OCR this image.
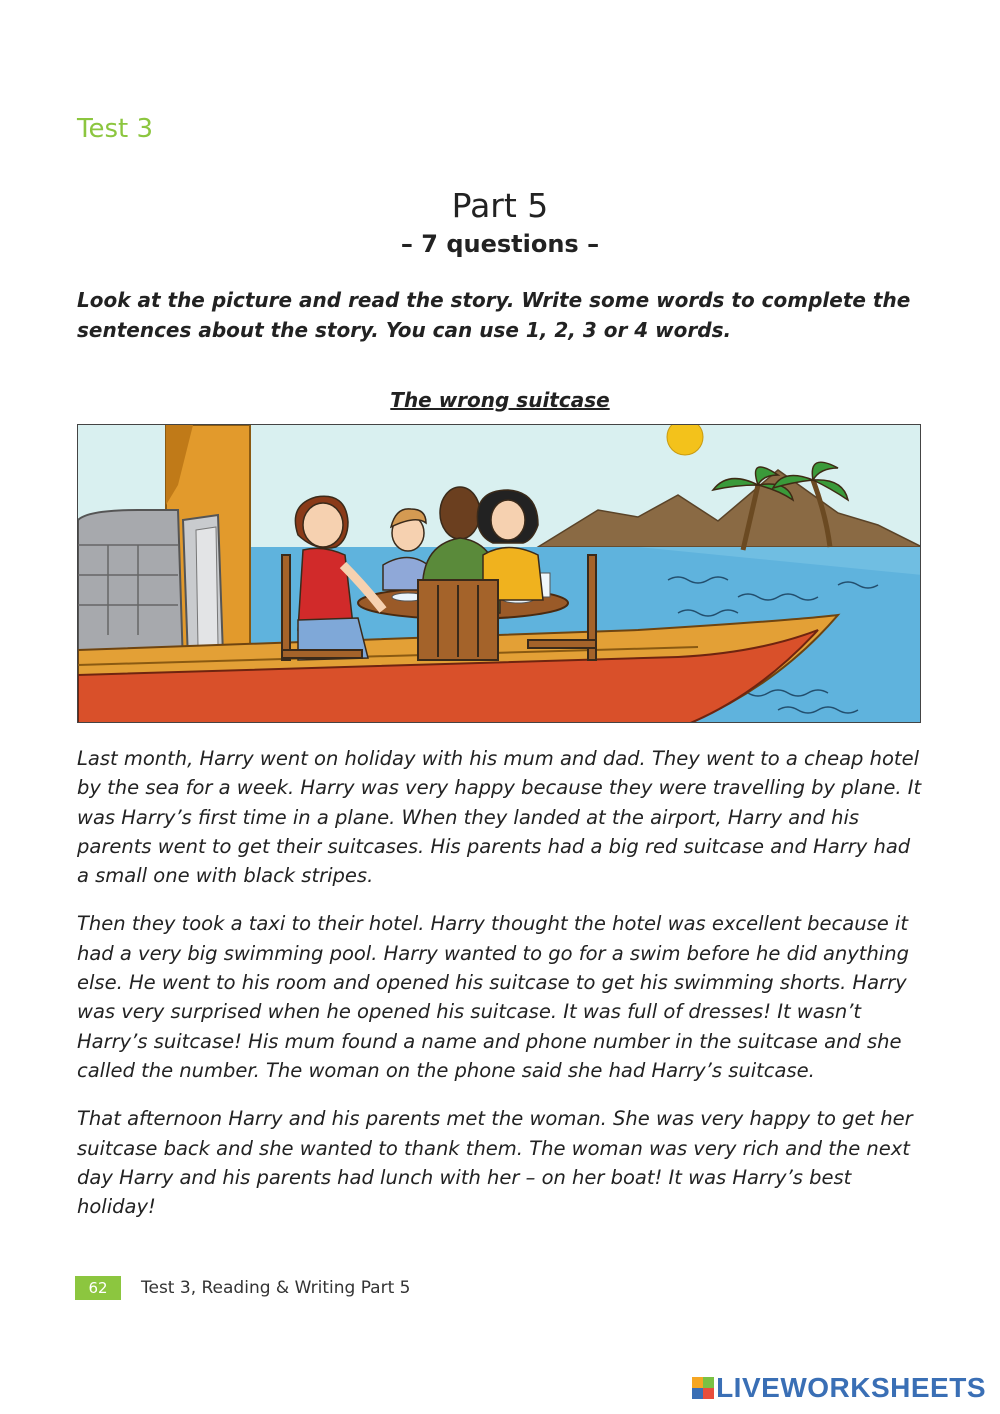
Test 3
Part 5
– 7 questions –
Look at the picture and read the story. Write some words to complete the sentences about the story. You can use 1, 2, 3 or 4 words.
The wrong suitcase

Last month, Harry went on holiday with his mum and dad. They went to a cheap hotel by the sea for a week. Harry was very happy because they were travelling by plane. It was Harry’s first time in a plane. When they landed at the airport, Harry and his parents went to get their suitcases. His parents had a big red suitcase and Harry had a small one with black stripes.

Then they took a taxi to their hotel. Harry thought the hotel was excellent because it had a very big swimming pool. Harry wanted to go for a swim before he did anything else. He went to his room and opened his suitcase to get his swimming shorts. Harry was very surprised when he opened his suitcase. It was full of dresses! It wasn’t Harry’s suitcase! His mum found a name and phone number in the suitcase and she called the number. The woman on the phone said she had Harry’s suitcase.

That afternoon Harry and his parents met the woman. She was very happy to get her suitcase back and she wanted to thank them. The woman was very rich and the next day Harry and his parents had lunch with her – on her boat! It was Harry’s best holiday!

62	Test 3, Reading & Writing Part 5
LIVEWORKSHEETS
